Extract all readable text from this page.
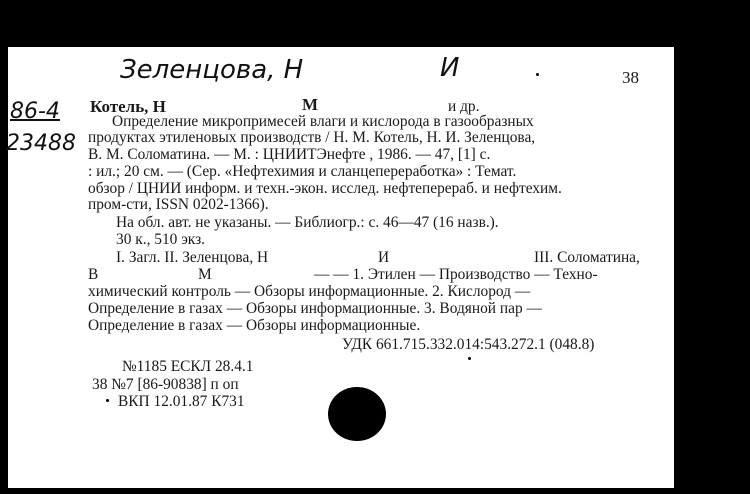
Зеленцова, Н	И
86-4
23488
38
Котель, Н	М	и др.
Определение микропримесей влаги и кислорода в газообразных
продуктах этиленовых производств / Н. М. Котель, Н. И. Зеленцова,
В. М. Соломатина. — М. : ЦНИИТЭнефте , 1986. — 47, [1] с.
: ил.; 20 см. — (Сер. «Нефтехимия и сланцепереработка» : Темат.
обзор / ЦНИИ информ. и техн.-экон. исслед. нефтеперераб. и нефтехим.
пром-сти, ISSN 0202-1366).
На обл. авт. не указаны. — Библиогр.: с. 46—47 (16 назв.).
30 к., 510 экз.
I. Загл. II. Зеленцова, Н	И	III. Соломатина,
В	М	— — 1. Этилен — Производство — Техно-
химический контроль — Обзоры информационные. 2. Кислород —
Определение в газах — Обзоры информационные. 3. Водяной пар —
Определение в газах — Обзоры информационные.
УДК 661.715.332.014:543.272.1 (048.8)
№1185 ЕСКЛ 28.4.1
38 №7 [86-90838] п оп
ВКП 12.01.87 К731
